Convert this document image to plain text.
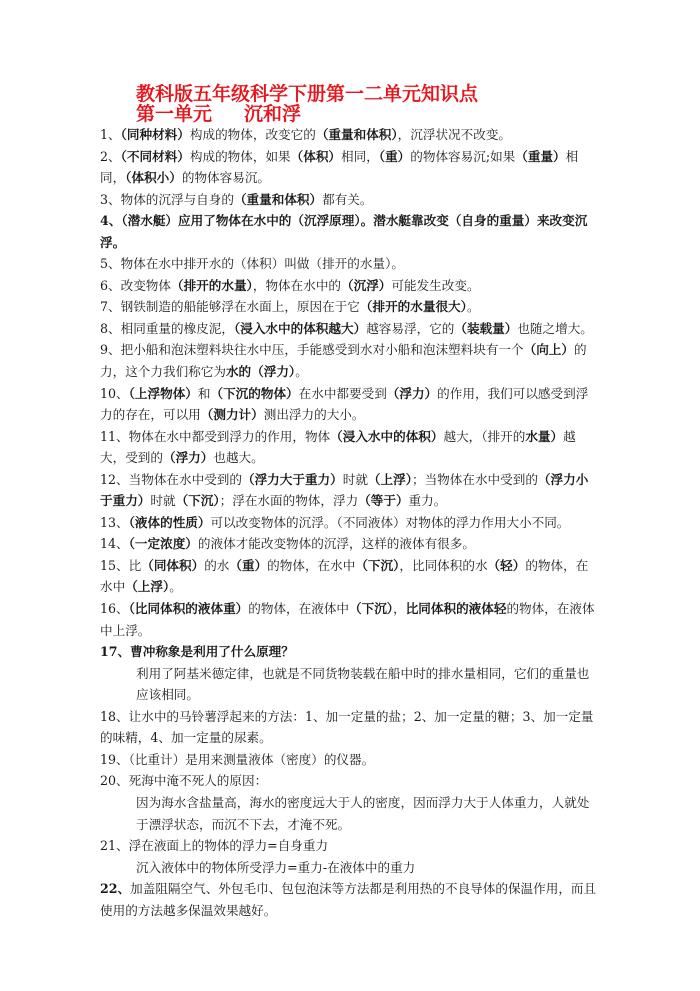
教科版五年级科学下册第一二单元知识点
第一单元 沉和浮

1、（同种材料）构成的物体，改变它的（重量和体积），沉浮状况不改变。

2、（不同材料）构成的物体，如果（体积）相同，（重）的物体容易沉;如果（重量）相同，（体积小）的物体容易沉。

3、物体的沉浮与自身的（重量和体积）都有关。

4、（潜水艇）应用了物体在水中的（沉浮原理）。潜水艇靠改变（自身的重量）来改变沉浮。

5、物体在水中排开水的（体积）叫做（排开的水量）。

6、改变物体（排开的水量），物体在水中的（沉浮）可能发生改变。

7、钢铁制造的船能够浮在水面上，原因在于它（排开的水量很大）。

8、相同重量的橡皮泥，（浸入水中的体积越大）越容易浮，它的（装载量）也随之增大。

9、把小船和泡沫塑料块往水中压，手能感受到水对小船和泡沫塑料块有一个（向上）的力，这个力我们称它为水的（浮力）。

10、（上浮物体）和（下沉的物体）在水中都要受到（浮力）的作用，我们可以感受到浮力的存在，可以用（测力计）测出浮力的大小。

11、物体在水中都受到浮力的作用，物体（浸入水中的体积）越大，（排开的水量）越大，受到的（浮力）也越大。

12、当物体在水中受到的（浮力大于重力）时就（上浮）；当物体在水中受到的（浮力小于重力）时就（下沉）；浮在水面的物体，浮力（等于）重力。

13、（液体的性质）可以改变物体的沉浮。（不同液体）对物体的浮力作用大小不同。

14、（一定浓度）的液体才能改变物体的沉浮，这样的液体有很多。

15、比（同体积）的水（重）的物体，在水中（下沉），比同体积的水（轻）的物体，在水中（上浮）。

16、（比同体积的液体重）的物体，在液体中（下沉），比同体积的液体轻的物体，在液体中上浮。

17、曹冲称象是利用了什么原理？

利用了阿基米德定律，也就是不同货物装载在船中时的排水量相同，它们的重量也应该相同。

18、让水中的马铃薯浮起来的方法：1、加一定量的盐；2、加一定量的糖；3、加一定量的味精，4、加一定量的尿素。

19、（比重计）是用来测量液体（密度）的仪器。

20、死海中淹不死人的原因：

因为海水含盐量高，海水的密度远大于人的密度，因而浮力大于人体重力，人就处于漂浮状态，而沉不下去，才淹不死。

21、浮在液面上的物体的浮力=自身重力

沉入液体中的物体所受浮力=重力-在液体中的重力

22、加盖阻隔空气、外包毛巾、包包泡沫等方法都是利用热的不良导体的保温作用，而且使用的方法越多保温效果越好。
